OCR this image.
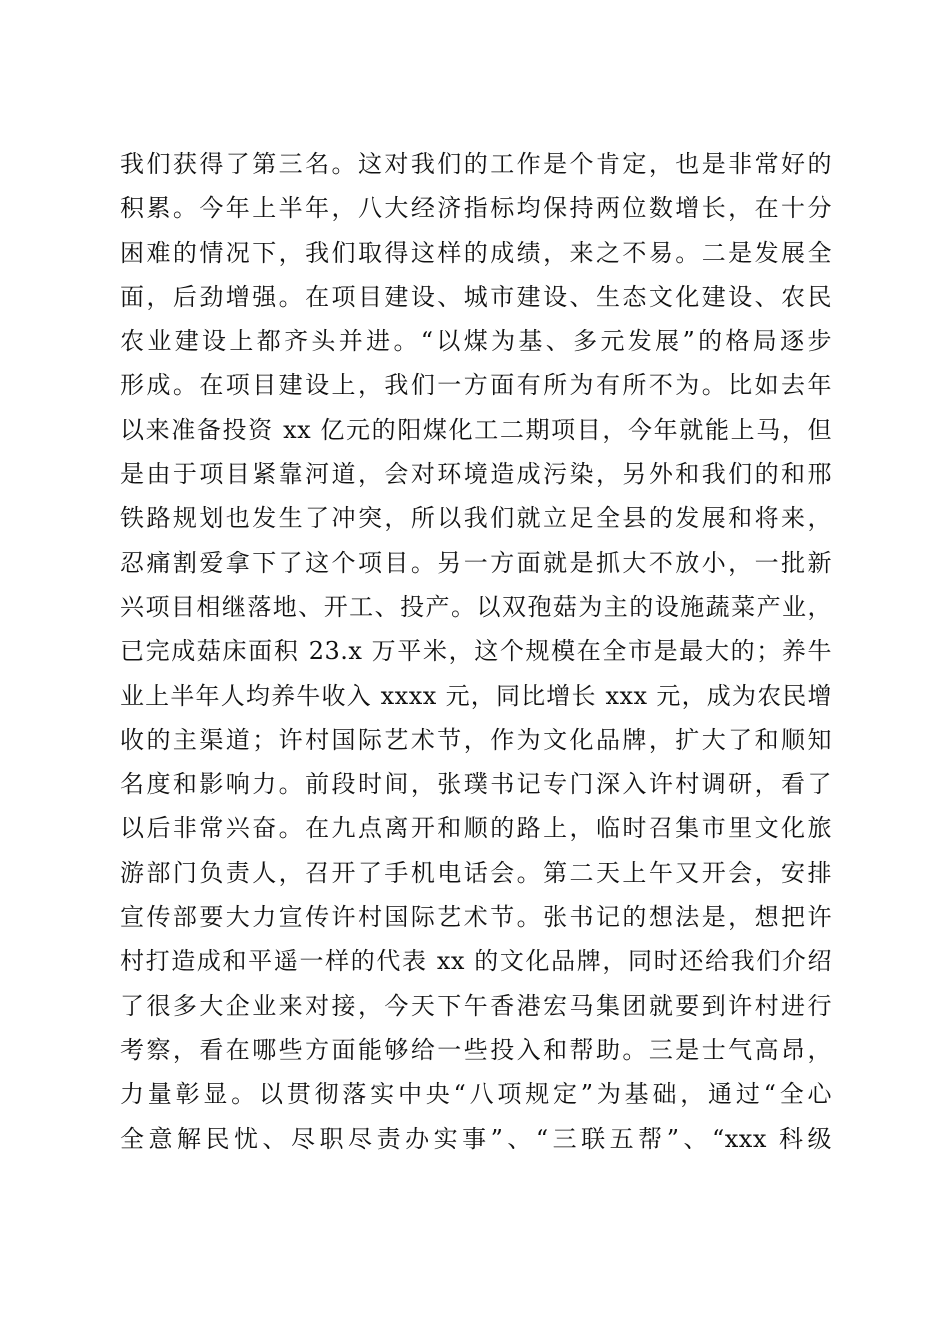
我们获得了第三名。这对我们的工作是个肯定，也是非常好的
积累。今年上半年，八大经济指标均保持两位数增长，在十分
困难的情况下，我们取得这样的成绩，来之不易。二是发展全
面，后劲增强。在项目建设、城市建设、生态文化建设、农民
农业建设上都齐头并进。“以煤为基、多元发展”的格局逐步
形成。在项目建设上，我们一方面有所为有所不为。比如去年
以来准备投资 xx 亿元的阳煤化工二期项目，今年就能上马，但
是由于项目紧靠河道，会对环境造成污染，另外和我们的和邢
铁路规划也发生了冲突，所以我们就立足全县的发展和将来，
忍痛割爱拿下了这个项目。另一方面就是抓大不放小，一批新
兴项目相继落地、开工、投产。以双孢菇为主的设施蔬菜产业，
已完成菇床面积 23.x 万平米，这个规模在全市是最大的；养牛
业上半年人均养牛收入 xxxx 元，同比增长 xxx 元，成为农民增
收的主渠道；许村国际艺术节，作为文化品牌，扩大了和顺知
名度和影响力。前段时间，张璞书记专门深入许村调研，看了
以后非常兴奋。在九点离开和顺的路上，临时召集市里文化旅
游部门负责人，召开了手机电话会。第二天上午又开会，安排
宣传部要大力宣传许村国际艺术节。张书记的想法是，想把许
村打造成和平遥一样的代表 xx 的文化品牌，同时还给我们介绍
了很多大企业来对接，今天下午香港宏马集团就要到许村进行
考察，看在哪些方面能够给一些投入和帮助。三是士气高昂，
力量彰显。以贯彻落实中央“八项规定”为基础，通过“全心
全意解民忧、尽职尽责办实事”、“三联五帮”、“xxx 科级
